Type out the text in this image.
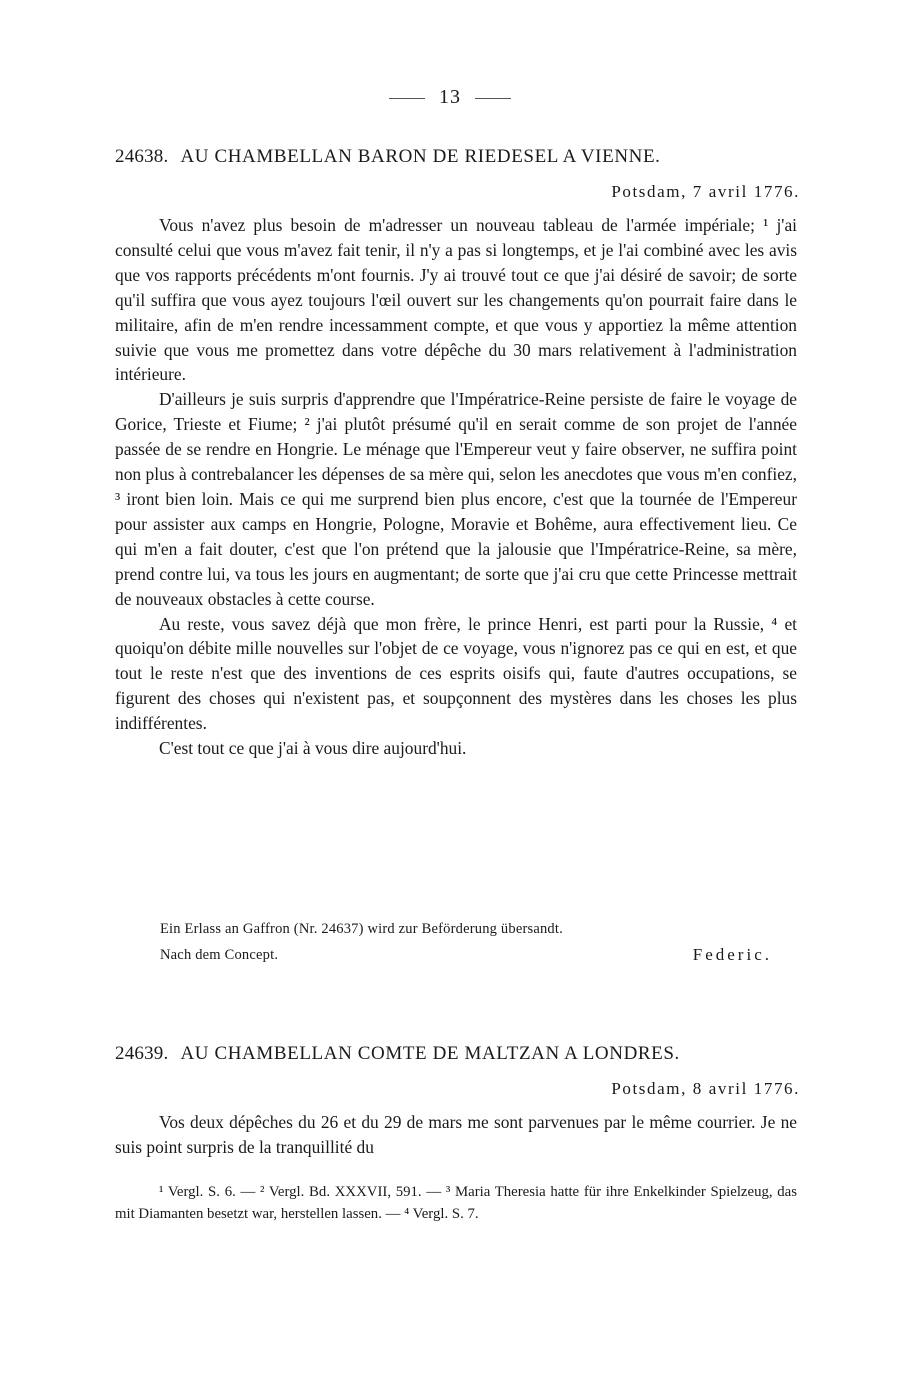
13
24638. AU CHAMBELLAN BARON DE RIEDESEL A VIENNE.
Potsdam, 7 avril 1776.

Vous n'avez plus besoin de m'adresser un nouveau tableau de l'armée impériale; ¹ j'ai consulté celui que vous m'avez fait tenir, il n'y a pas si longtemps, et je l'ai combiné avec les avis que vos rapports précédents m'ont fournis. J'y ai trouvé tout ce que j'ai désiré de savoir; de sorte qu'il suffira que vous ayez toujours l'œil ouvert sur les changements qu'on pourrait faire dans le militaire, afin de m'en rendre incessamment compte, et que vous y apportiez la même attention suivie que vous me promettez dans votre dépêche du 30 mars relativement à l'administration intérieure.

D'ailleurs je suis surpris d'apprendre que l'Impératrice-Reine persiste de faire le voyage de Gorice, Trieste et Fiume; ² j'ai plutôt présumé qu'il en serait comme de son projet de l'année passée de se rendre en Hongrie. Le ménage que l'Empereur veut y faire observer, ne suffira point non plus à contrebalancer les dépenses de sa mère qui, selon les anecdotes que vous m'en confiez, ³ iront bien loin. Mais ce qui me surprend bien plus encore, c'est que la tournée de l'Empereur pour assister aux camps en Hongrie, Pologne, Moravie et Bohême, aura effectivement lieu. Ce qui m'en a fait douter, c'est que l'on prétend que la jalousie que l'Impératrice-Reine, sa mère, prend contre lui, va tous les jours en augmentant; de sorte que j'ai cru que cette Princesse mettrait de nouveaux obstacles à cette course.

Au reste, vous savez déjà que mon frère, le prince Henri, est parti pour la Russie, ⁴ et quoiqu'on débite mille nouvelles sur l'objet de ce voyage, vous n'ignorez pas ce qui en est, et que tout le reste n'est que des inventions de ces esprits oisifs qui, faute d'autres occupations, se figurent des choses qui n'existent pas, et soupçonnent des mystères dans les choses les plus indifférentes.

C'est tout ce que j'ai à vous dire aujourd'hui.

Ein Erlass an Gaffron (Nr. 24637) wird zur Beförderung übersandt.
Nach dem Concept.	Federic.
24639. AU CHAMBELLAN COMTE DE MALTZAN A LONDRES.
Potsdam, 8 avril 1776.

Vos deux dépêches du 26 et du 29 de mars me sont parvenues par le même courrier. Je ne suis point surpris de la tranquillité du

¹ Vergl. S. 6. — ² Vergl. Bd. XXXVII, 591. — ³ Maria Theresia hatte für ihre Enkelkinder Spielzeug, das mit Diamanten besetzt war, herstellen lassen. — ⁴ Vergl. S. 7.
